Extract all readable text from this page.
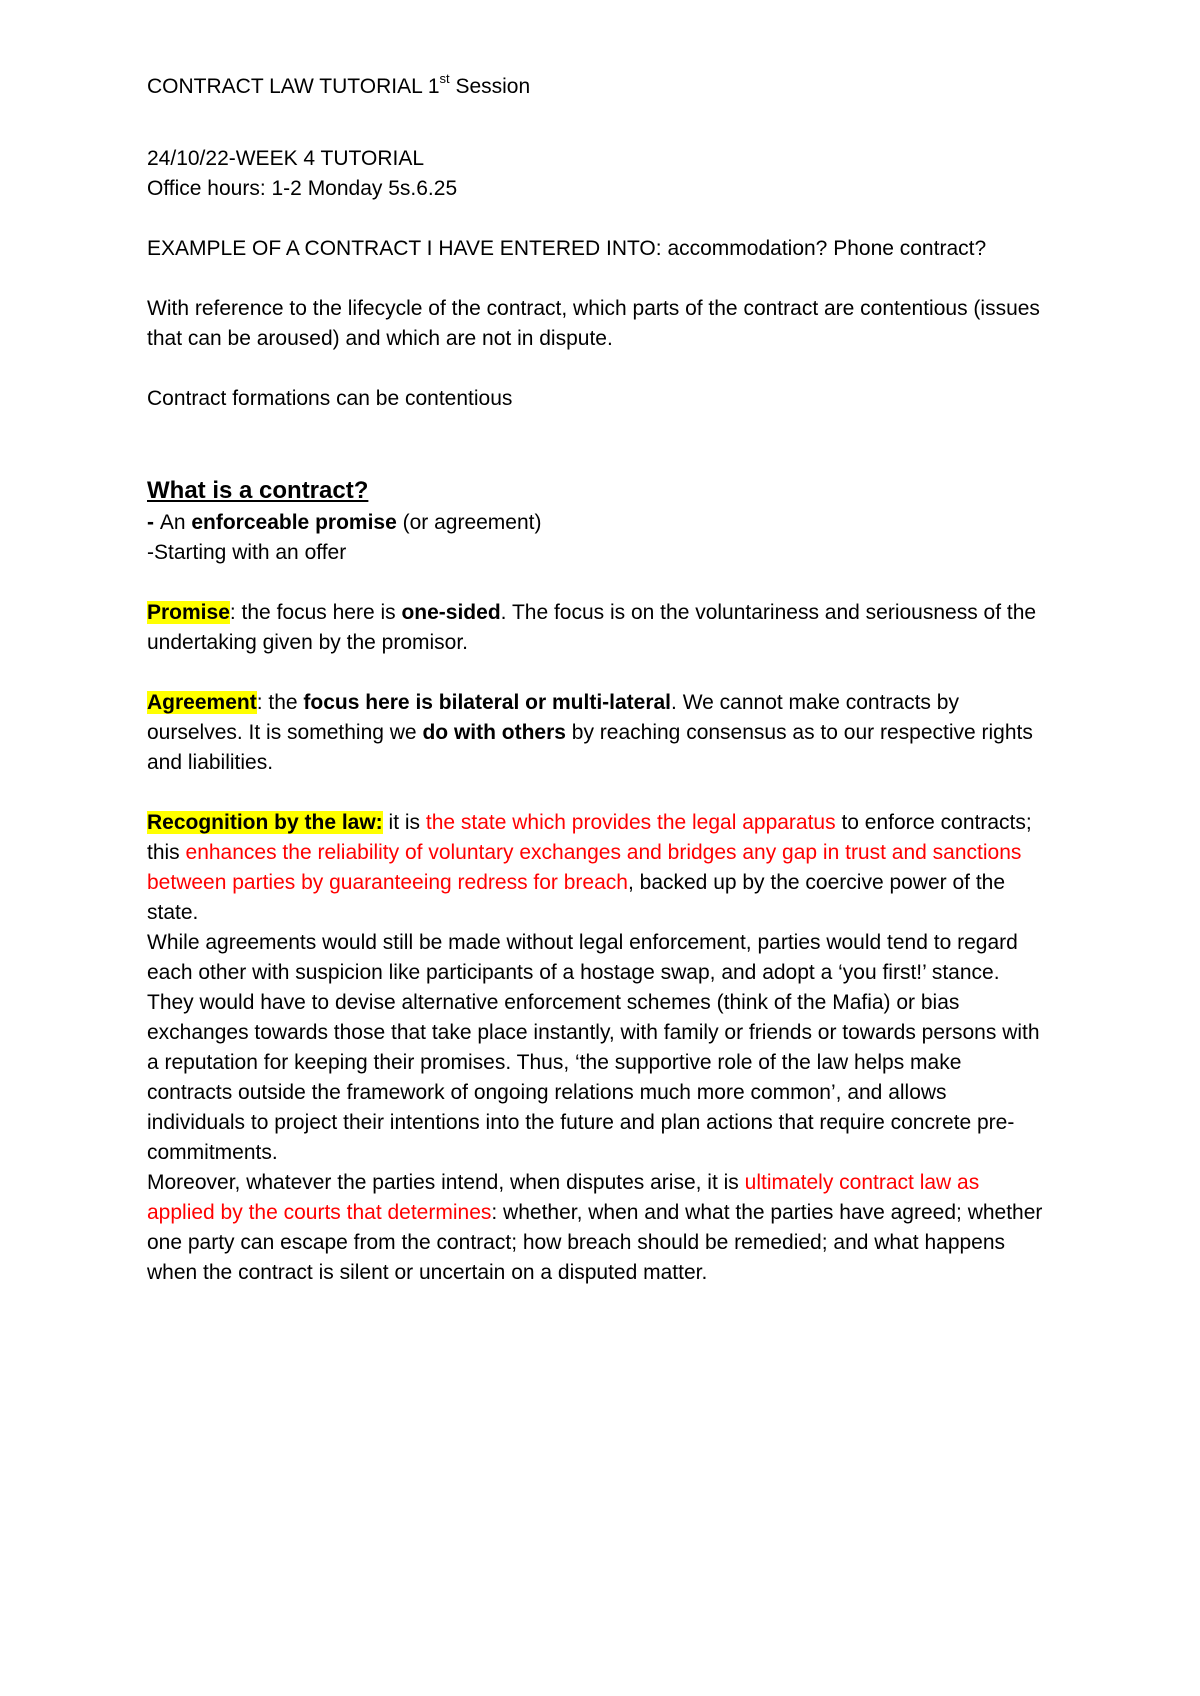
CONTRACT LAW TUTORIAL 1st Session

24/10/22-WEEK 4 TUTORIAL

Office hours: 1-2 Monday 5s.6.25

EXAMPLE OF A CONTRACT I HAVE ENTERED INTO: accommodation? Phone contract?

With reference to the lifecycle of the contract, which parts of the contract are contentious (issues that can be aroused) and which are not in dispute.

Contract formations can be contentious

What is a contract?

- An enforceable promise (or agreement)

-Starting with an offer

Promise: the focus here is one-sided. The focus is on the voluntariness and seriousness of the undertaking given by the promisor.

Agreement: the focus here is bilateral or multi-lateral. We cannot make contracts by ourselves. It is something we do with others by reaching consensus as to our respective rights and liabilities.

Recognition by the law: it is the state which provides the legal apparatus to enforce contracts; this enhances the reliability of voluntary exchanges and bridges any gap in trust and sanctions between parties by guaranteeing redress for breach, backed up by the coercive power of the state.

While agreements would still be made without legal enforcement, parties would tend to regard each other with suspicion like participants of a hostage swap, and adopt a ‘you first!’ stance.

They would have to devise alternative enforcement schemes (think of the Mafia) or bias exchanges towards those that take place instantly, with family or friends or towards persons with a reputation for keeping their promises. Thus, ‘the supportive role of the law helps make contracts outside the framework of ongoing relations much more common’, and allows individuals to project their intentions into the future and plan actions that require concrete pre-commitments.

Moreover, whatever the parties intend, when disputes arise, it is ultimately contract law as applied by the courts that determines: whether, when and what the parties have agreed; whether one party can escape from the contract; how breach should be remedied; and what happens when the contract is silent or uncertain on a disputed matter.
